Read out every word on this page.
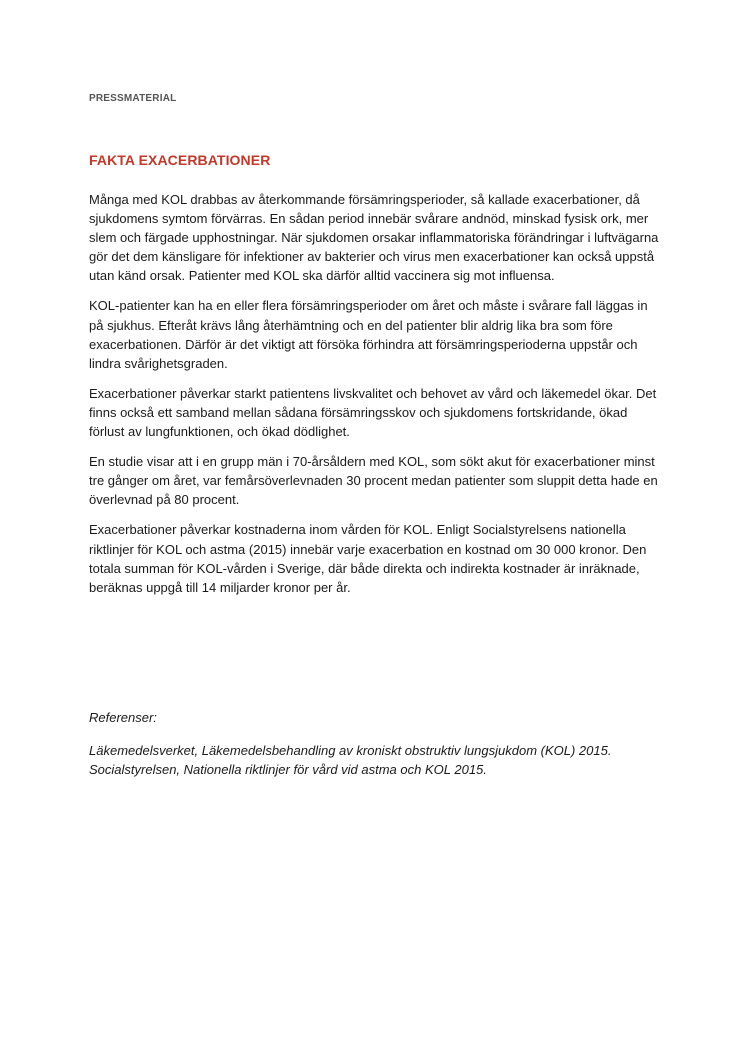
PRESSMATERIAL

FAKTA EXACERBATIONER

Många med KOL drabbas av återkommande försämringsperioder, så kallade exacerbationer, då sjukdomens symtom förvärras. En sådan period innebär svårare andnöd, minskad fysisk ork, mer slem och färgade upphostningar. När sjukdomen orsakar inflammatoriska förändringar i luftvägarna gör det dem känsligare för infektioner av bakterier och virus men exacerbationer kan också uppstå utan känd orsak. Patienter med KOL ska därför alltid vaccinera sig mot influensa.

KOL-patienter kan ha en eller flera försämringsperioder om året och måste i svårare fall läggas in på sjukhus. Efteråt krävs lång återhämtning och en del patienter blir aldrig lika bra som före exacerbationen. Därför är det viktigt att försöka förhindra att försämringsperioderna uppstår och lindra svårighetsgraden.

Exacerbationer påverkar starkt patientens livskvalitet och behovet av vård och läkemedel ökar. Det finns också ett samband mellan sådana försämringsskov och sjukdomens fortskridande, ökad förlust av lungfunktionen, och ökad dödlighet.

En studie visar att i en grupp män i 70-årsåldern med KOL, som sökt akut för exacerbationer minst tre gånger om året, var femårsöverlevnaden 30 procent medan patienter som sluppit detta hade en överlevnad på 80 procent.

Exacerbationer påverkar kostnaderna inom vården för KOL. Enligt Socialstyrelsens nationella riktlinjer för KOL och astma (2015) innebär varje exacerbation en kostnad om 30 000 kronor. Den totala summan för KOL-vården i Sverige, där både direkta och indirekta kostnader är inräknade, beräknas uppgå till 14 miljarder kronor per år.

Referenser:

Läkemedelsverket, Läkemedelsbehandling av kroniskt obstruktiv lungsjukdom (KOL) 2015.

Socialstyrelsen, Nationella riktlinjer för vård vid astma och KOL 2015.
